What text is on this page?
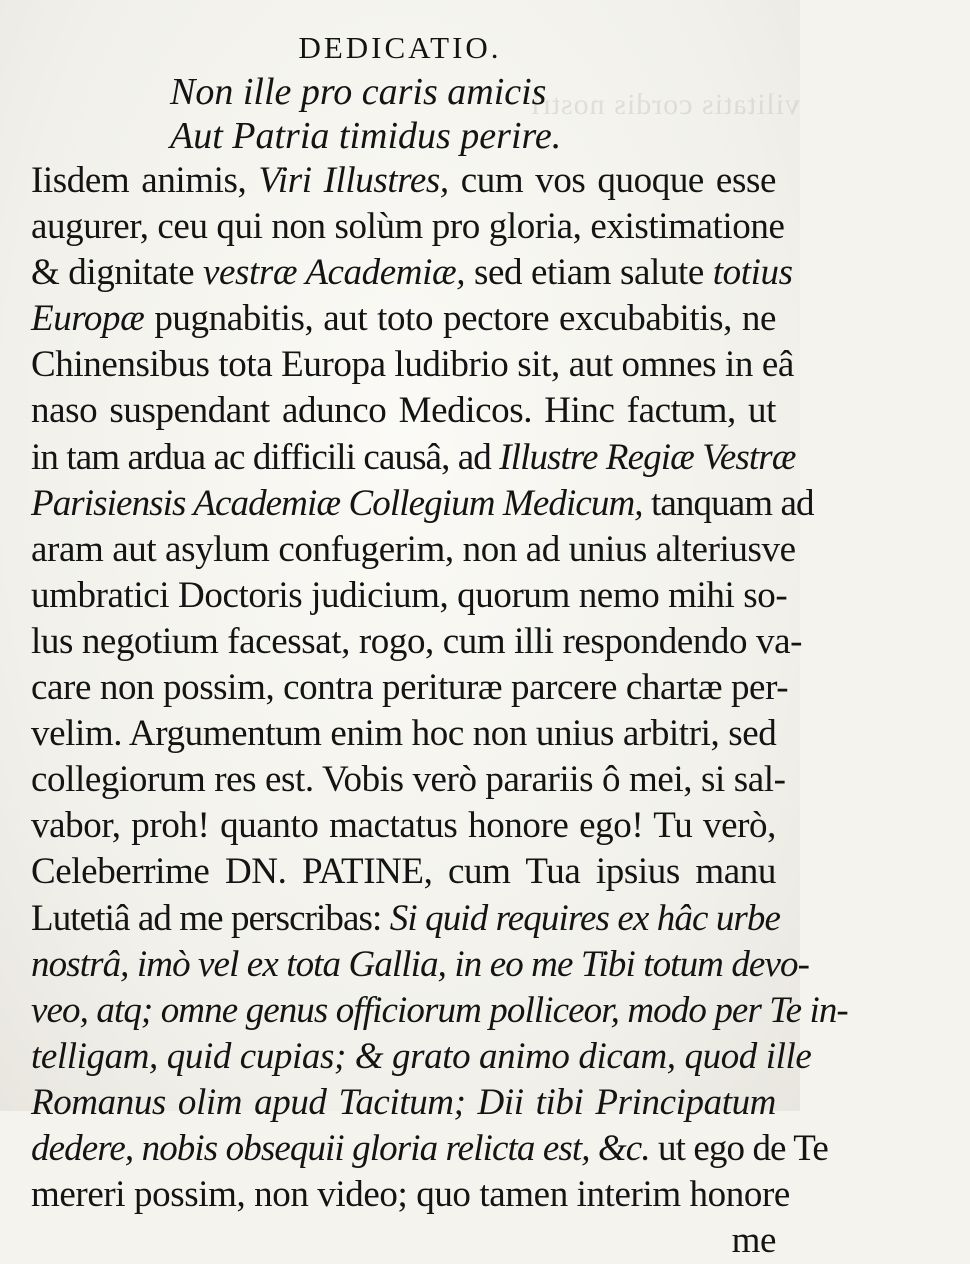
vilitatis cordis nostri
DEDICATIO.
Non ille pro caris amicis
Aut Patria timidus perire.
Iisdem animis, Viri Illustres, cum vos quoque esse
augurer, ceu qui non solùm pro gloria, existimatione
& dignitate vestræ Academiæ, sed etiam salute totius
Europæ pugnabitis, aut toto pectore excubabitis, ne
Chinensibus tota Europa ludibrio sit, aut omnes in eâ
naso suspendant adunco Medicos. Hinc factum, ut
in tam ardua ac difficili causâ, ad Illustre Regiæ Vestræ
Parisiensis Academiæ Collegium Medicum, tanquam ad
aram aut asylum confugerim, non ad unius alteriusve
umbratici Doctoris judicium, quorum nemo mihi so-
lus negotium facessat, rogo, cum illi respondendo va-
care non possim, contra perituræ parcere chartæ per-
velim. Argumentum enim hoc non unius arbitri, sed
collegiorum res est. Vobis verò parariis ô mei, si sal-
vabor, proh! quanto mactatus honore ego! Tu verò,
Celeberrime DN. PATINE, cum Tua ipsius manu
Lutetiâ ad me perscribas: Si quid requires ex hâc urbe
nostrâ, imò vel ex tota Gallia, in eo me Tibi totum devo-
veo, atq; omne genus officiorum polliceor, modo per Te in-
telligam, quid cupias; & grato animo dicam, quod ille
Romanus olim apud Tacitum; Dii tibi Principatum
dedere, nobis obsequii gloria relicta est, &c. ut ego de Te
mereri possim, non video; quo tamen interim honore
me
